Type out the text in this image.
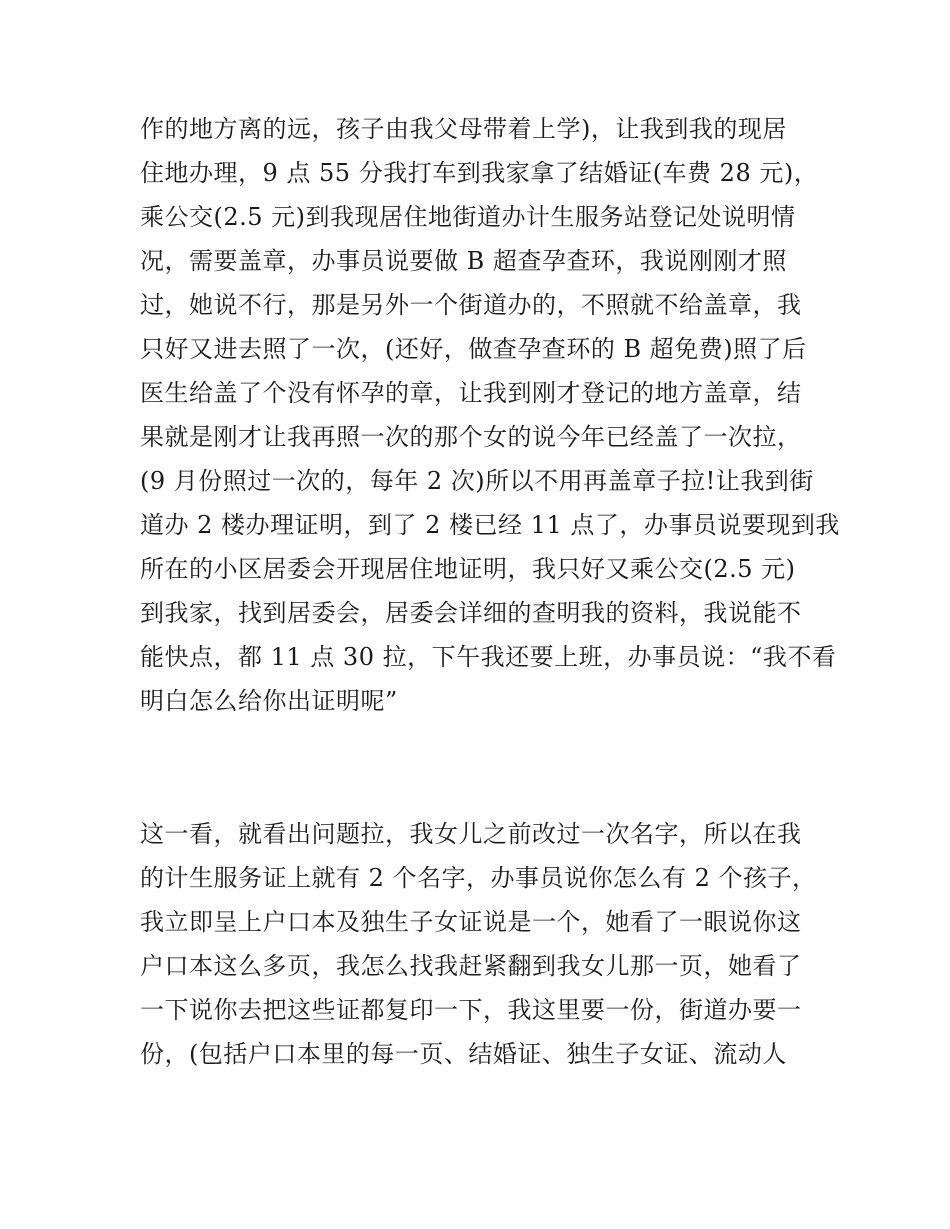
作的地方离的远，孩子由我父母带着上学)，让我到我的现居
住地办理，9 点 55 分我打车到我家拿了结婚证(车费 28 元)，
乘公交(2.5 元)到我现居住地街道办计生服务站登记处说明情
况，需要盖章，办事员说要做 B 超查孕查环，我说刚刚才照
过，她说不行，那是另外一个街道办的，不照就不给盖章，我
只好又进去照了一次，(还好，做查孕查环的 B 超免费)照了后
医生给盖了个没有怀孕的章，让我到刚才登记的地方盖章，结
果就是刚才让我再照一次的那个女的说今年已经盖了一次拉，
(9 月份照过一次的，每年 2 次)所以不用再盖章子拉!让我到街
道办 2 楼办理证明，到了 2 楼已经 11 点了，办事员说要现到我
所在的小区居委会开现居住地证明，我只好又乘公交(2.5 元)
到我家，找到居委会，居委会详细的查明我的资料，我说能不
能快点，都 11 点 30 拉，下午我还要上班，办事员说：“我不看
明白怎么给你出证明呢”
这一看，就看出问题拉，我女儿之前改过一次名字，所以在我
的计生服务证上就有 2 个名字，办事员说你怎么有 2 个孩子，
我立即呈上户口本及独生子女证说是一个，她看了一眼说你这
户口本这么多页，我怎么找我赶紧翻到我女儿那一页，她看了
一下说你去把这些证都复印一下，我这里要一份，街道办要一
份，(包括户口本里的每一页、结婚证、独生子女证、流动人
